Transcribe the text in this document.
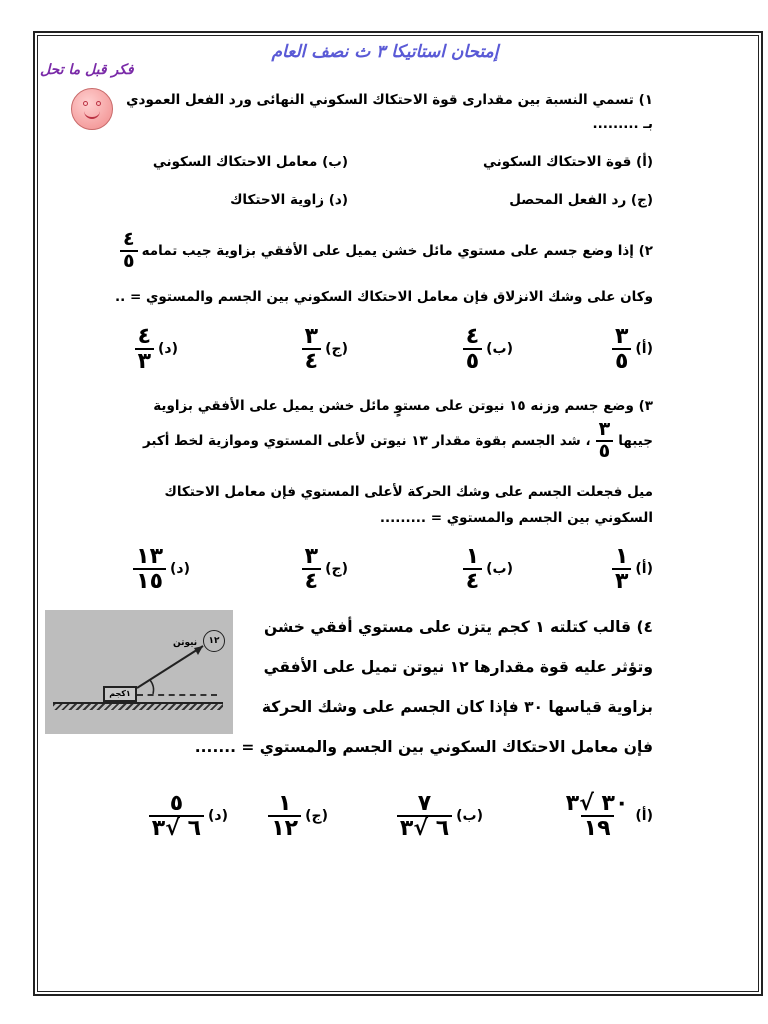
إمتحان استاتيكا ٣ ث نصف العام
فكر قبل ما تحل
١) تسمي النسبة بين مقدارى قوة الاحتكاك السكوني النهائى ورد الفعل العمودي
بـ .........
(أ) قوة الاحتكاك السكوني
(ب) معامل الاحتكاك السكوني
(ج) رد الفعل المحصل
(د) زاوية الاحتكاك
٢) إذا وضع جسم على مستوي مائل خشن يميل على الأفقي بزاوية جيب تمامه
$\frac{٤}{٥}$
وكان على وشك الانزلاق فإن معامل الاحتكاك السكوني بين الجسم والمستوي = ..
(أ)
$\frac{٣}{٥}$
(ب)
$\frac{٤}{٥}$
(ج)
$\frac{٣}{٤}$
(د)
$\frac{٤}{٣}$
٣) وضع جسم وزنه ١٥ نيوتن على مستوٍ مائل خشن يميل على الأفقي بزاوية
جيبها
$\frac{٣}{٥}$
، شد الجسم بقوة مقدار ١٣ نيوتن لأعلى المستوي وموازية لخط أكبر
ميل فجعلت الجسم على وشك الحركة لأعلى المستوي فإن معامل الاحتكاك
السكوني بين الجسم والمستوي = .........
(أ)
$\frac{١}{٣}$
(ب)
$\frac{١}{٤}$
(ج)
$\frac{٣}{٤}$
(د)
$\frac{١٣}{١٥}$
١كجم
نيوتن	١٢
٤) قالب كتلته ١ كجم يتزن على مستوي أفقي خشن
وتؤثر عليه قوة مقدارها ١٢ نيوتن تميل على الأفقي
بزاوية قياسها ٣٠ فإذا كان الجسم على وشك الحركة
فإن معامل الاحتكاك السكوني بين الجسم والمستوي = .......
(أ)
$\frac{٣٠ √٣}{١٩}$
(ب)
$\frac{٧}{٦ √٣}$
(ج)
$\frac{١}{١٢}$
(د)
$\frac{٥}{٦ √٣}$
